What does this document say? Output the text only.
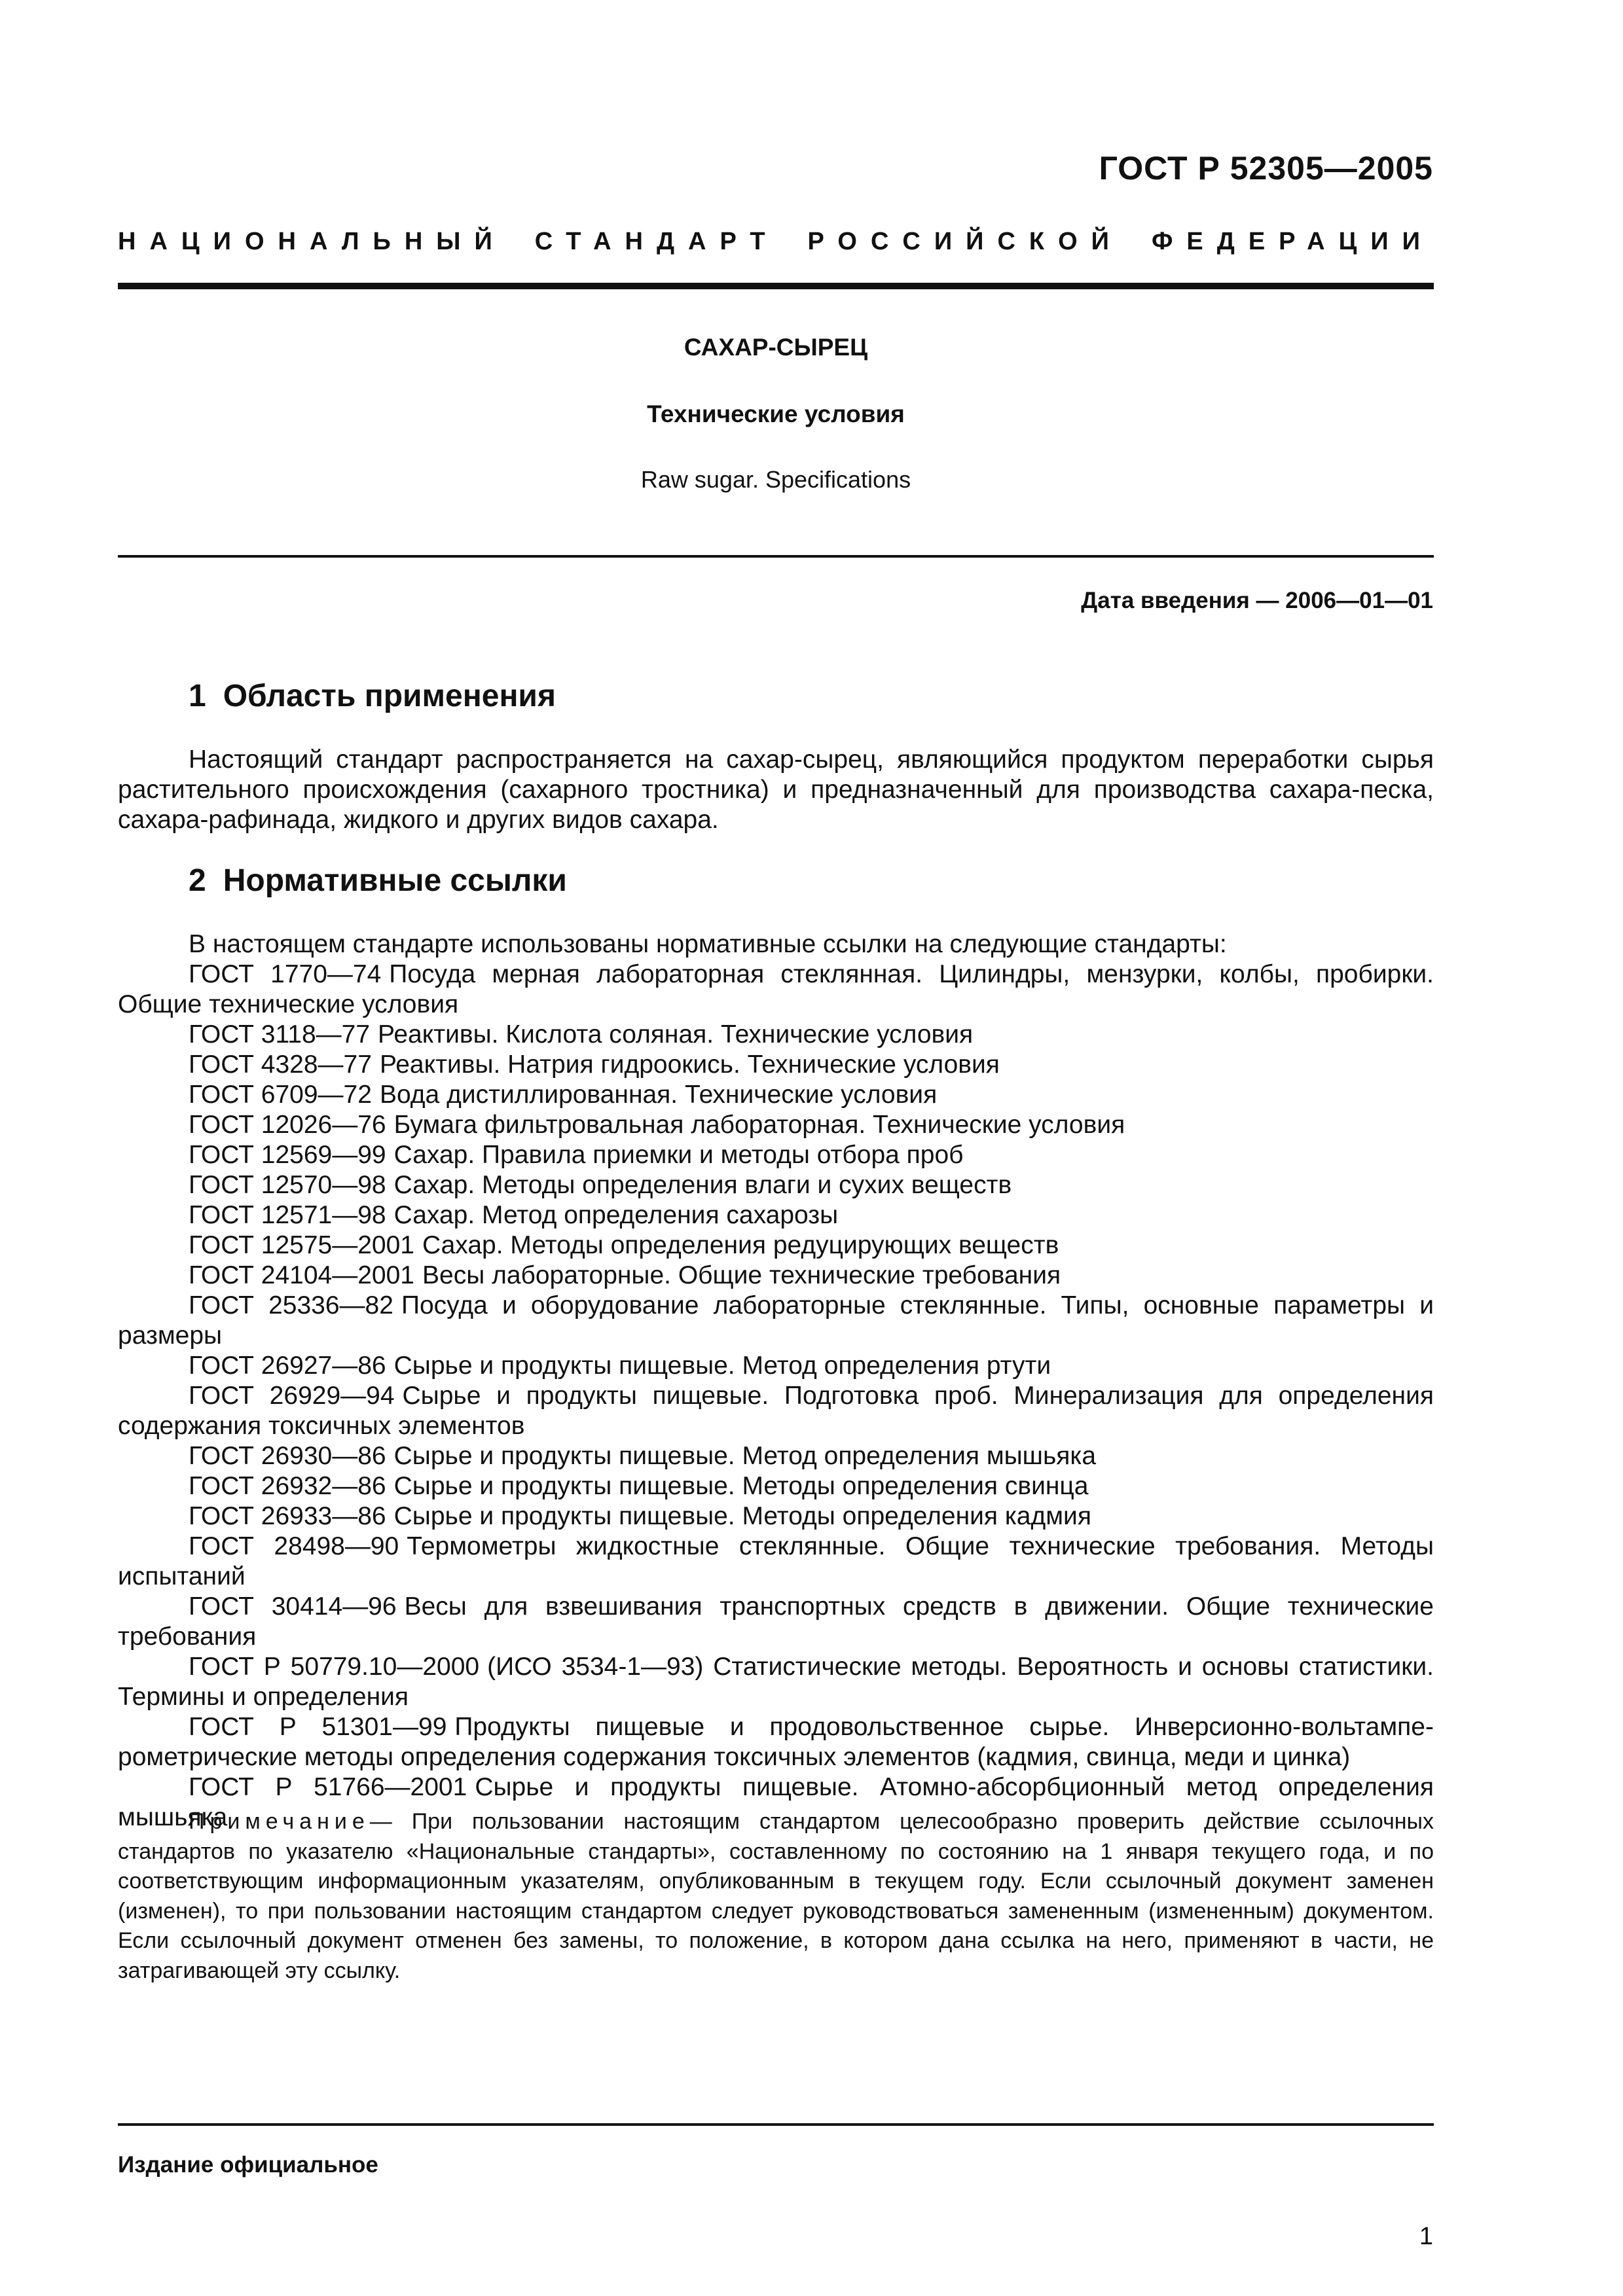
ГОСТ Р 52305—2005
НАЦИОНАЛЬНЫЙ СТАНДАРТ РОССИЙСКОЙ ФЕДЕРАЦИИ
САХАР-СЫРЕЦ
Технические условия
Raw sugar. Specifications
Дата введения — 2006—01—01
1 Область применения
Настоящий стандарт распространяется на сахар-сырец, являющийся продуктом переработки сырья растительного происхождения (сахарного тростника) и предназначенный для производства сахара-песка, сахара-рафинада, жидкого и других видов сахара.
2 Нормативные ссылки
В настоящем стандарте использованы нормативные ссылки на следующие стандарты:
ГОСТ 1770—74 Посуда мерная лабораторная стеклянная. Цилиндры, мензурки, колбы, пробирки. Общие технические условия
ГОСТ 3118—77 Реактивы. Кислота соляная. Технические условия
ГОСТ 4328—77 Реактивы. Натрия гидроокись. Технические условия
ГОСТ 6709—72 Вода дистиллированная. Технические условия
ГОСТ 12026—76 Бумага фильтровальная лабораторная. Технические условия
ГОСТ 12569—99 Сахар. Правила приемки и методы отбора проб
ГОСТ 12570—98 Сахар. Методы определения влаги и сухих веществ
ГОСТ 12571—98 Сахар. Метод определения сахарозы
ГОСТ 12575—2001 Сахар. Методы определения редуцирующих веществ
ГОСТ 24104—2001 Весы лабораторные. Общие технические требования
ГОСТ 25336—82 Посуда и оборудование лабораторные стеклянные. Типы, основные параметры и размеры
ГОСТ 26927—86 Сырье и продукты пищевые. Метод определения ртути
ГОСТ 26929—94 Сырье и продукты пищевые. Подготовка проб. Минерализация для определения содержания токсичных элементов
ГОСТ 26930—86 Сырье и продукты пищевые. Метод определения мышьяка
ГОСТ 26932—86 Сырье и продукты пищевые. Методы определения свинца
ГОСТ 26933—86 Сырье и продукты пищевые. Методы определения кадмия
ГОСТ 28498—90 Термометры жидкостные стеклянные. Общие технические требования. Методы испытаний
ГОСТ 30414—96 Весы для взвешивания транспортных средств в движении. Общие технические требования
ГОСТ Р 50779.10—2000 (ИСО 3534-1—93) Статистические методы. Вероятность и основы статистики. Термины и определения
ГОСТ Р 51301—99 Продукты пищевые и продовольственное сырье. Инверсионно-вольтамперометрические методы определения содержания токсичных элементов (кадмия, свинца, меди и цинка)
ГОСТ Р 51766—2001 Сырье и продукты пищевые. Атомно-абсорбционный метод определения мышьяка
Примечание— При пользовании настоящим стандартом целесообразно проверить действие ссылочных стандартов по указателю «Национальные стандарты», составленному по состоянию на 1 января текущего года, и по соответствующим информационным указателям, опубликованным в текущем году. Если ссылочный документ заменен (изменен), то при пользовании настоящим стандартом следует руководствоваться замененным (измененным) документом. Если ссылочный документ отменен без замены, то положение, в котором дана ссылка на него, применяют в части, не затрагивающей эту ссылку.
Издание официальное
1
